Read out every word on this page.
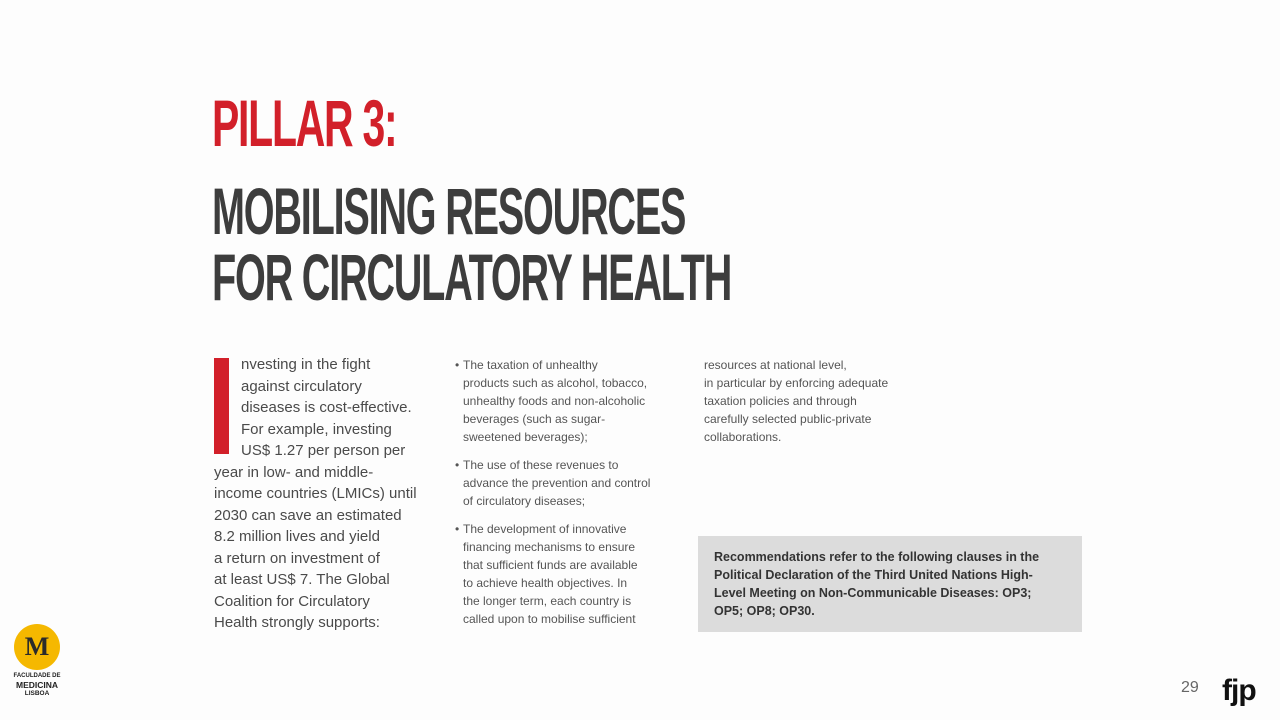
PILLAR 3:
MOBILISING RESOURCES
FOR CIRCULATORY HEALTH
nvesting in the fight
against circulatory
diseases is cost-effective.
For example, investing
US$ 1.27 per person per
year in low- and middle-
income countries (LMICs) until
2030 can save an estimated
8.2 million lives and yield
a return on investment of
at least US$ 7. The Global
Coalition for Circulatory
Health strongly supports:
• The taxation of unhealthy
products such as alcohol, tobacco,
unhealthy foods and non-alcoholic
beverages (such as sugar-
sweetened beverages);
• The use of these revenues to
advance the prevention and control
of circulatory diseases;
• The development of innovative
financing mechanisms to ensure
that sufficient funds are available
to achieve health objectives. In
the longer term, each country is
called upon to mobilise sufficient
resources at national level,
in particular by enforcing adequate
taxation policies and through
carefully selected public-private
collaborations.
Recommendations refer to the following clauses in the
Political Declaration of the Third United Nations High-
Level Meeting on Non-Communicable Diseases: OP3;
OP5; OP8; OP30.
M
FACULDADE DE
MEDICINA
LISBOA	29 fjp
